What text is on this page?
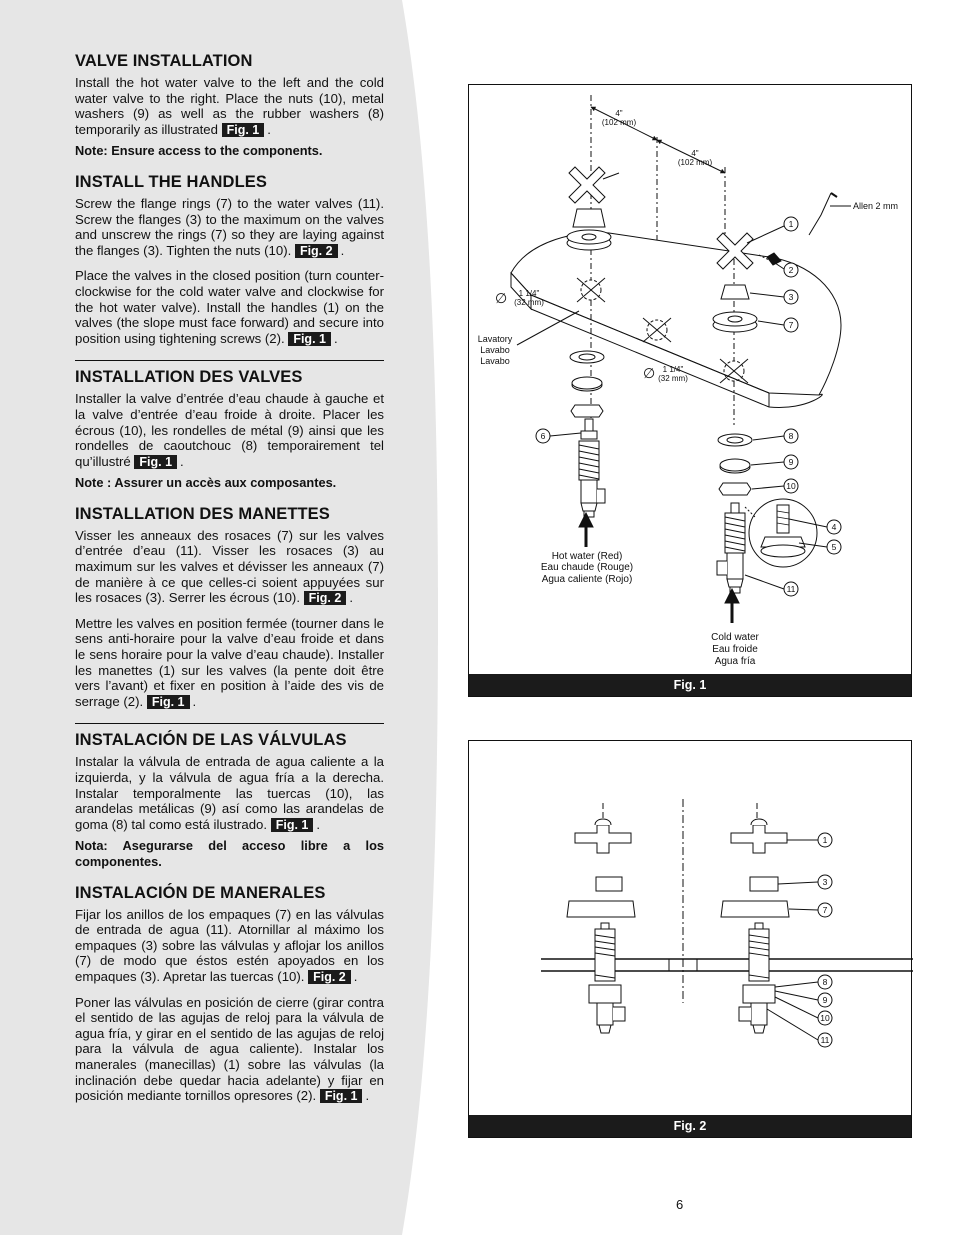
VALVE INSTALLATION
Install the hot water valve to the left and the cold water valve to the right. Place the nuts (10), metal washers (9) as well as the rubber washers (8) temporarily as illustrated Fig. 1 .
Note: Ensure access to the components.
INSTALL THE HANDLES
Screw the flange rings (7) to the water valves (11). Screw the flanges (3) to the maximum on the valves and unscrew the rings (7) so they are laying against the flanges (3). Tighten the nuts (10). Fig. 2 .
Place the valves in the closed position (turn counter-clockwise for the cold water valve and clockwise for the hot water valve). Install the handles (1) on the valves (the slope must face forward) and secure into position using tightening screws (2). Fig. 1 .
INSTALLATION DES VALVES
Installer la valve d’entrée d’eau chaude à gauche et la valve d’entrée d’eau froide à droite. Placer les écrous (10), les rondelles de métal (9) ainsi que les rondelles de caoutchouc (8) temporairement tel qu’illustré Fig. 1 .
Note : Assurer un accès aux composantes.
INSTALLATION DES MANETTES
Visser les anneaux des rosaces (7) sur les valves d’entrée d’eau (11). Visser les rosaces (3) au maximum sur les valves et dévisser les anneaux (7) de manière à ce que celles-ci soient appuyées sur les rosaces (3). Serrer les écrous (10). Fig. 2 .
Mettre les valves en position fermée (tourner dans le sens anti-horaire pour la valve d’eau froide et dans le sens horaire pour la valve d’eau chaude). Installer les manettes (1) sur les valves (la pente doit être vers l’avant) et fixer en position à l’aide des vis de serrage (2). Fig. 1 .
INSTALACIÓN DE LAS VÁLVULAS
Instalar la válvula de entrada de agua caliente a la izquierda, y la válvula de agua fría a la derecha. Instalar temporalmente las tuercas (10), las arandelas metálicas (9) así como las arandelas de goma (8) tal como está ilustrado. Fig. 1 .
Nota: Asegurarse del acceso libre a los componentes.
INSTALACIÓN DE MANERALES
Fijar los anillos de los empaques (7) en las válvulas de entrada de agua (11). Atornillar al máximo los empaques (3) sobre las válvulas y aflojar los anillos (7) de modo que éstos estén apoyados en los empaques (3). Apretar las tuercas (10). Fig. 2 .
Poner las válvulas en posición de cierre (girar contra el sentido de las agujas de reloj para la válvula de agua fría, y girar en el sentido de las agujas de reloj para la válvula de agua caliente). Instalar los manerales (manecillas) (1) sobre las válvulas (la inclinación debe quedar hacia adelante) y fijar en posición mediante tornillos opresores (2). Fig. 1 .
4"
(102 mm)
4"
(102 mm)
Allen 2 mm
∅ 1 1/4"
(32 mm)
∅ 1 1/4"
(32 mm)
Lavatory
Lavabo
Lavabo
Hot water (Red)
Eau chaude (Rouge)
Agua caliente (Rojo)
Cold water
Eau froide
Agua fría
1
2
3
7
6	8
9
10
4
5
11
Fig. 1
1
3
7
8
9
10
11
Fig. 2
6
